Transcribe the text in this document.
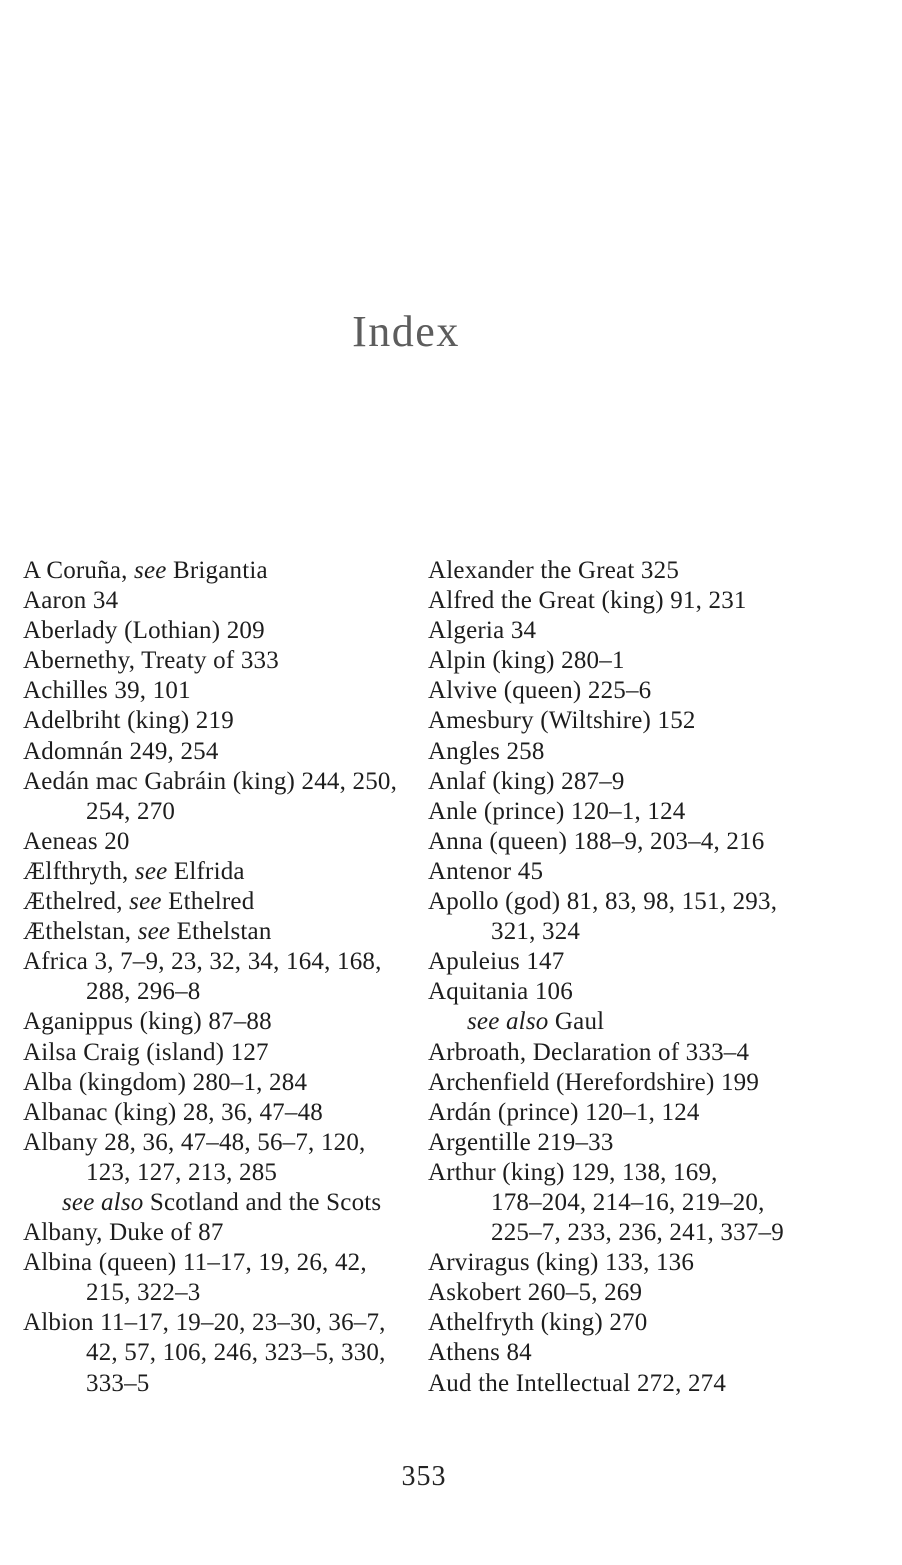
Index
A Coruña, see Brigantia
Aaron 34
Aberlady (Lothian) 209
Abernethy, Treaty of 333
Achilles 39, 101
Adelbriht (king) 219
Adomnán 249, 254
Aedán mac Gabráin (king) 244, 250,
254, 270
Aeneas 20
Ælfthryth, see Elfrida
Æthelred, see Ethelred
Æthelstan, see Ethelstan
Africa 3, 7–9, 23, 32, 34, 164, 168,
288, 296–8
Aganippus (king) 87–88
Ailsa Craig (island) 127
Alba (kingdom) 280–1, 284
Albanac (king) 28, 36, 47–48
Albany 28, 36, 47–48, 56–7, 120,
123, 127, 213, 285
see also Scotland and the Scots
Albany, Duke of 87
Albina (queen) 11–17, 19, 26, 42,
215, 322–3
Albion 11–17, 19–20, 23–30, 36–7,
42, 57, 106, 246, 323–5, 330,
333–5
Alexander the Great 325
Alfred the Great (king) 91, 231
Algeria 34
Alpin (king) 280–1
Alvive (queen) 225–6
Amesbury (Wiltshire) 152
Angles 258
Anlaf (king) 287–9
Anle (prince) 120–1, 124
Anna (queen) 188–9, 203–4, 216
Antenor 45
Apollo (god) 81, 83, 98, 151, 293,
321, 324
Apuleius 147
Aquitania 106
see also Gaul
Arbroath, Declaration of 333–4
Archenfield (Herefordshire) 199
Ardán (prince) 120–1, 124
Argentille 219–33
Arthur (king) 129, 138, 169,
178–204, 214–16, 219–20,
225–7, 233, 236, 241, 337–9
Arviragus (king) 133, 136
Askobert 260–5, 269
Athelfryth (king) 270
Athens 84
Aud the Intellectual 272, 274
353
